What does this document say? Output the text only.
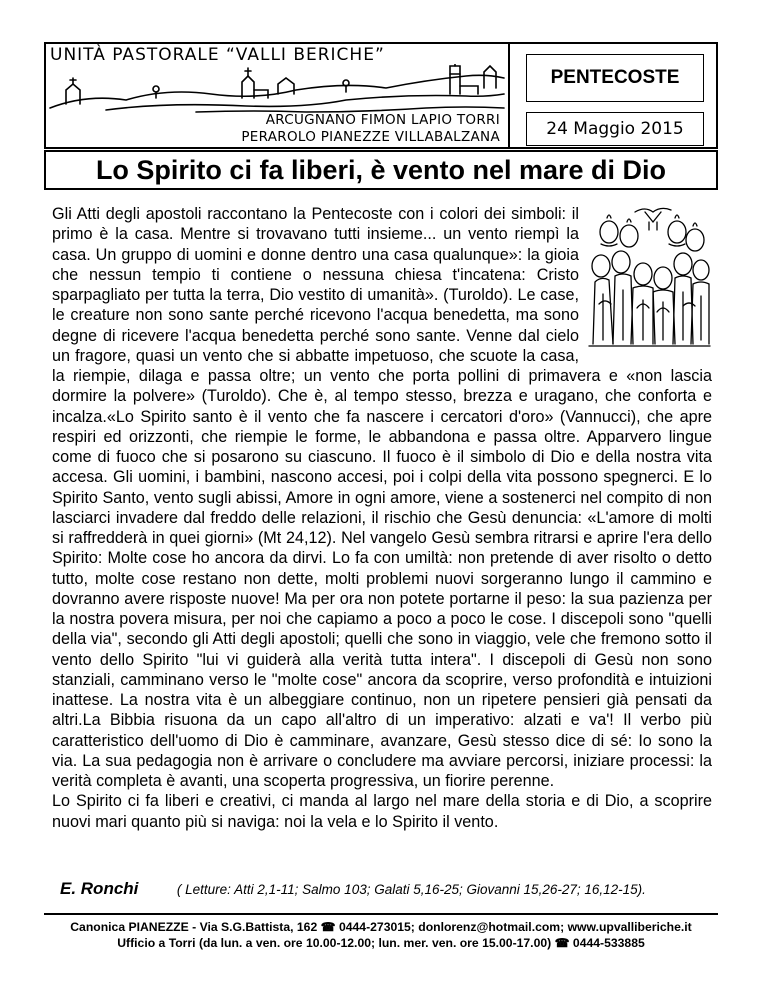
UNITÀ PASTORALE “VALLI BERICHE”
ARCUGNANO FIMON LAPIO TORRI
PERAROLO PIANEZZE VILLABALZANA
PENTECOSTE
24 Maggio 2015
Lo Spirito ci fa liberi, è vento nel mare di Dio

Gli Atti degli apostoli raccontano la Pentecoste con i colori dei simboli: il primo è la casa. Mentre si trovavano tutti insieme... un vento riempì la casa. Un gruppo di uomini e donne dentro una casa qualunque»: la gioia che nessun tempio ti contiene o nessuna chiesa t'incatena: Cristo sparpagliato per tutta la terra, Dio vestito di umanità». (Turoldo). Le case, le creature non sono sante perché ricevono l'acqua benedetta, ma sono degne di ricevere l'acqua benedetta perché sono sante. Venne dal cielo un fragore, quasi un vento che si abbatte impetuoso, che scuote la casa, la riempie, dilaga e passa oltre; un vento che porta pollini di primavera e «non lascia dormire la polvere» (Turoldo). Che è, al tempo stesso, brezza e uragano, che conforta e incalza.«Lo Spirito santo è il vento che fa nascere i cercatori d'oro» (Vannucci), che apre respiri ed orizzonti, che riempie le forme, le abbandona e passa oltre. Apparvero lingue come di fuoco che si posarono su ciascuno. Il fuoco è il simbolo di Dio e della nostra vita accesa. Gli uomini, i bambini, nascono accesi, poi i colpi della vita possono spegnerci. E lo Spirito Santo, vento sugli abissi, Amore in ogni amore, viene a sostenerci nel compito di non lasciarci invadere dal freddo delle relazioni, il rischio che Gesù denuncia: «L'amore di molti si raffredderà in quei giorni» (Mt 24,12). Nel vangelo Gesù sembra ritrarsi e aprire l'era dello Spirito: Molte cose ho ancora da dirvi. Lo fa con umiltà: non pretende di aver risolto o detto tutto, molte cose restano non dette, molti problemi nuovi sorgeranno lungo il cammino e dovranno avere risposte nuove! Ma per ora non potete portarne il peso: la sua pazienza per la nostra povera misura, per noi che capiamo a poco a poco le cose. I discepoli sono "quelli della via", secondo gli Atti degli apostoli; quelli che sono in viaggio, vele che fremono sotto il vento dello Spirito "lui vi guiderà alla verità tutta intera". I discepoli di Gesù non sono stanziali, camminano verso le "molte cose" ancora da scoprire, verso profondità e intuizioni inattese. La nostra vita è un albeggiare continuo, non un ripetere pensieri già pensati da altri.La Bibbia risuona da un capo all'altro di un imperativo: alzati e va'! Il verbo più caratteristico dell'uomo di Dio è camminare, avanzare, Gesù stesso dice di sé: Io sono la via. La sua pedagogia non è arrivare o concludere ma avviare percorsi, iniziare processi: la verità completa è avanti, una scoperta progressiva, un fiorire perenne.

Lo Spirito ci fa liberi e creativi, ci manda al largo nel mare della storia e di Dio, a scoprire nuovi mari quanto più si naviga: noi la vela e lo Spirito il vento.

E. Ronchi	( Letture: Atti 2,1-11; Salmo 103; Galati 5,16-25; Giovanni 15,26-27; 16,12-15).
Canonica PIANEZZE - Via S.G.Battista, 162 ☎ 0444-273015; donlorenz@hotmail.com; www.upvalliberiche.it
Ufficio a Torri (da lun. a ven. ore 10.00-12.00; lun. mer. ven. ore 15.00-17.00) ☎ 0444-533885
